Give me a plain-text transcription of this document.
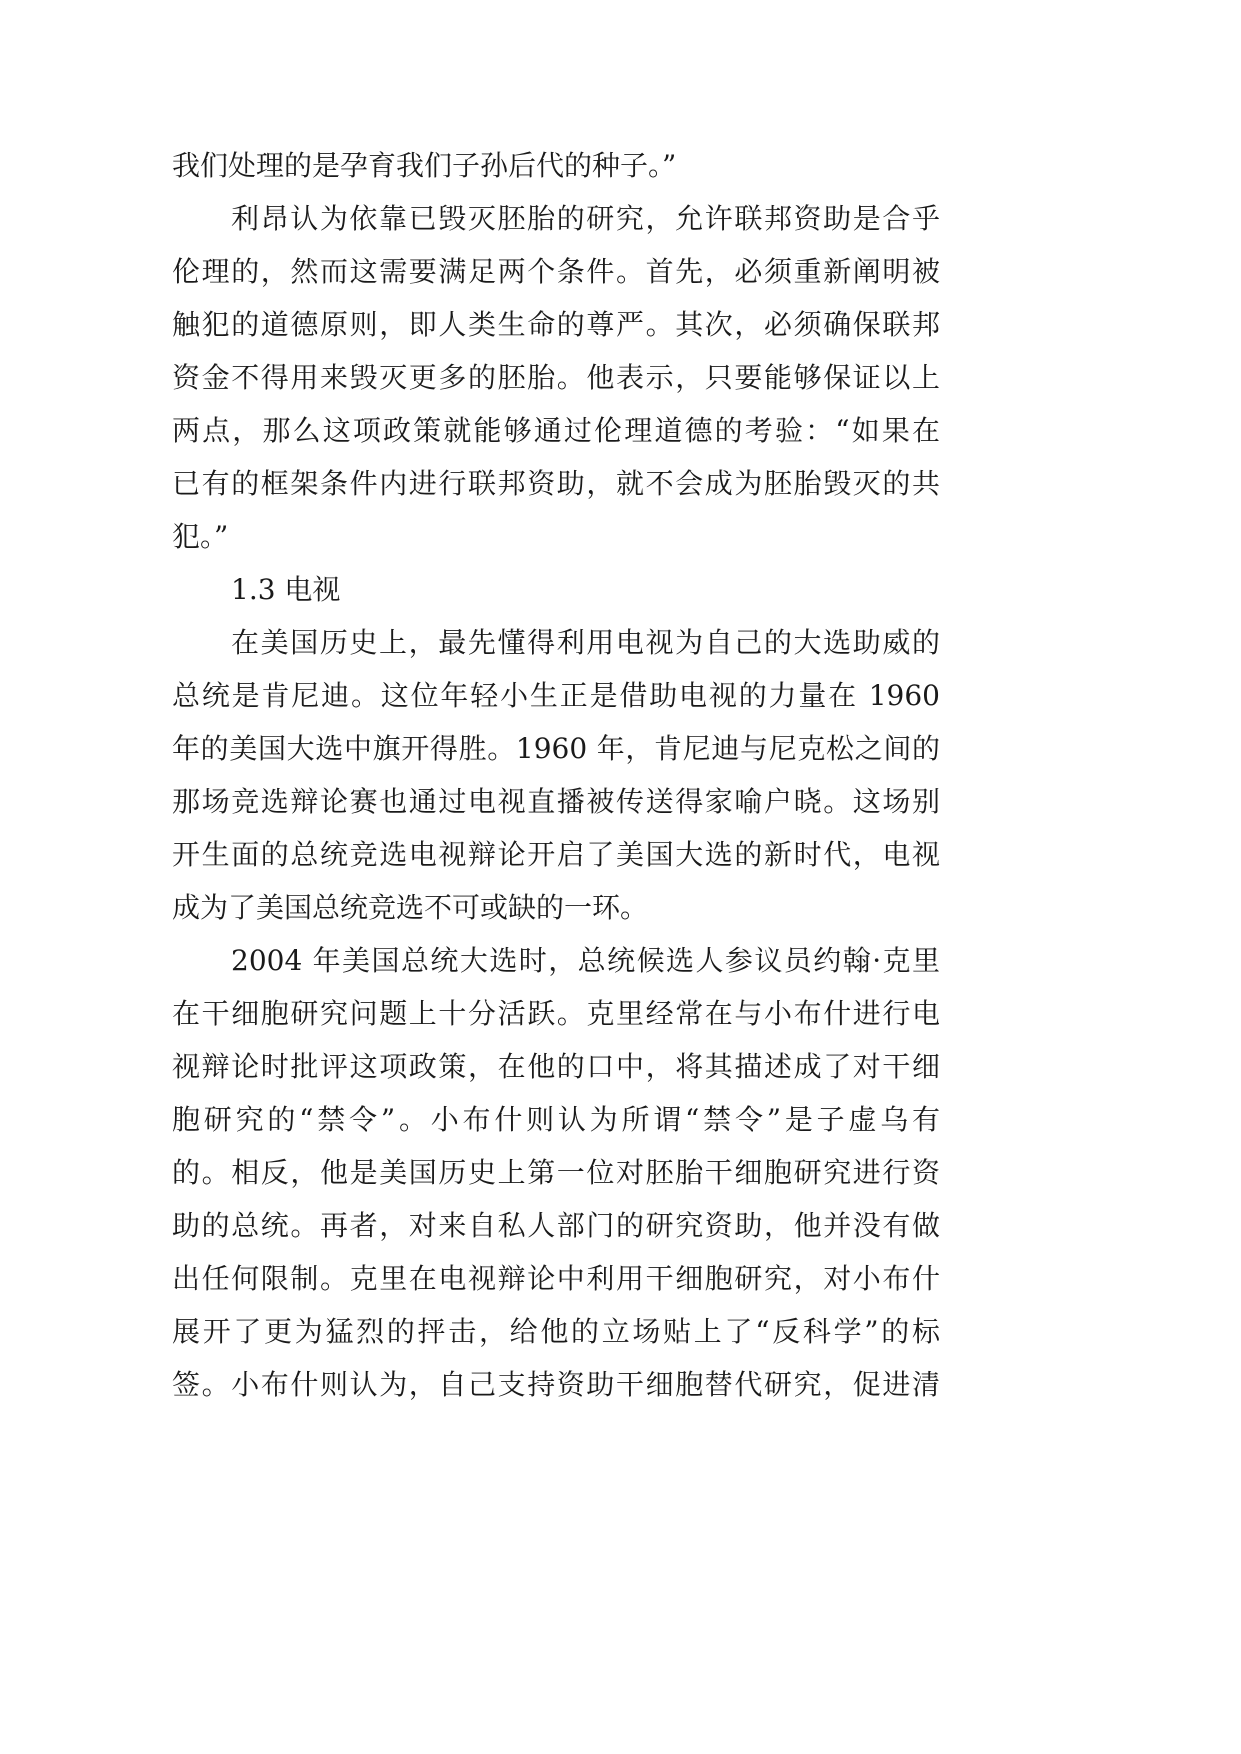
我们处理的是孕育我们子孙后代的种子。”
利昂认为依靠已毁灭胚胎的研究，允许联邦资助是合乎
伦理的，然而这需要满足两个条件。首先，必须重新阐明被
触犯的道德原则，即人类生命的尊严。其次，必须确保联邦
资金不得用来毁灭更多的胚胎。他表示，只要能够保证以上
两点，那么这项政策就能够通过伦理道德的考验：“如果在
已有的框架条件内进行联邦资助，就不会成为胚胎毁灭的共
犯。”
1.3 电视
在美国历史上，最先懂得利用电视为自己的大选助威的
总统是肯尼迪。这位年轻小生正是借助电视的力量在 1960
年的美国大选中旗开得胜。1960 年，肯尼迪与尼克松之间的
那场竞选辩论赛也通过电视直播被传送得家喻户晓。这场别
开生面的总统竞选电视辩论开启了美国大选的新时代，电视
成为了美国总统竞选不可或缺的一环。
2004 年美国总统大选时，总统候选人参议员约翰·克里
在干细胞研究问题上十分活跃。克里经常在与小布什进行电
视辩论时批评这项政策，在他的口中，将其描述成了对干细
胞研究的“禁令”。小布什则认为所谓“禁令”是子虚乌有
的。相反，他是美国历史上第一位对胚胎干细胞研究进行资
助的总统。再者，对来自私人部门的研究资助，他并没有做
出任何限制。克里在电视辩论中利用干细胞研究，对小布什
展开了更为猛烈的抨击，给他的立场贴上了“反科学”的标
签。小布什则认为，自己支持资助干细胞替代研究，促进清
